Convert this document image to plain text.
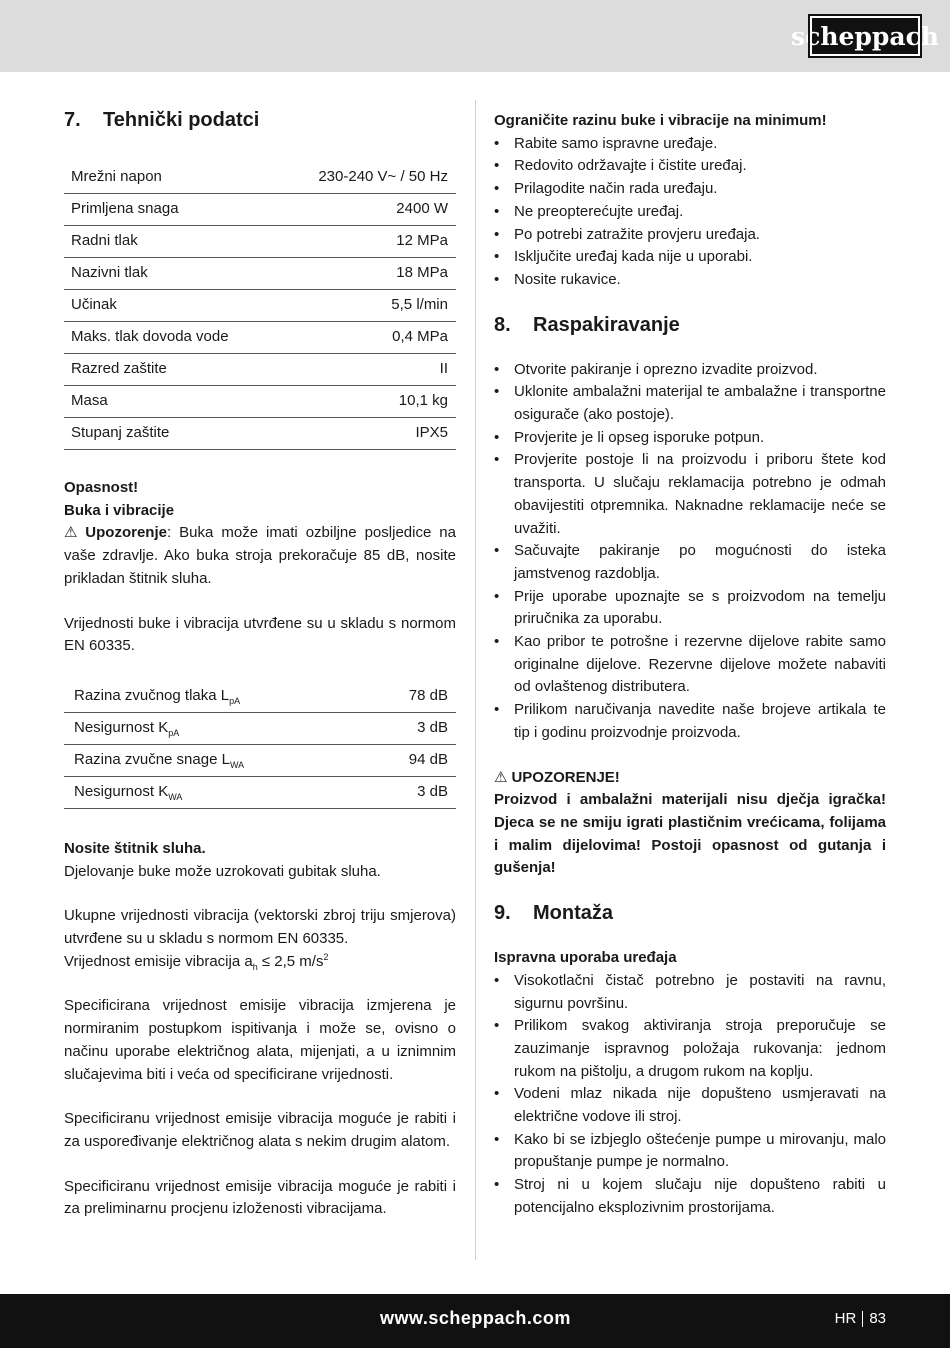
scheppach
7.	Tehnički podatci
Mrežni napon	230-240 V~ / 50 Hz
Primljena snaga	2400 W
Radni tlak	12 MPa
Nazivni tlak	18 MPa
Učinak	5,5 l/min
Maks. tlak dovoda vode	0,4 MPa
Razred zaštite	II
Masa	10,1 kg
Stupanj zaštite	IPX5

Opasnost!

Buka i vibracije

⚠ Upozorenje: Buka može imati ozbiljne posljedice na vaše zdravlje. Ako buka stroja prekoračuje 85 dB, nosite prikladan štitnik sluha.

Vrijednosti buke i vibracija utvrđene su u skladu s normom EN 60335.

Razina zvučnog tlaka $L_{pA}$	78 dB
Nesigurnost $K_{pA}$	3 dB
Razina zvučne snage $L_{WA}$	94 dB
Nesigurnost $K_{WA}$	3 dB

Nosite štitnik sluha.

Djelovanje buke može uzrokovati gubitak sluha.

Ukupne vrijednosti vibracija (vektorski zbroj triju smjerova) utvrđene su u skladu s normom EN 60335.

Vrijednost emisije vibracija $a_h \le 2,5$ $m/s^2$

Specificirana vrijednost emisije vibracija izmjerena je normiranim postupkom ispitivanja i može se, ovisno o načinu uporabe električnog alata, mijenjati, a u iznimnim slučajevima biti i veća od specificirane vrijednosti.

Specificiranu vrijednost emisije vibracija moguće je rabiti i za uspoređivanje električnog alata s nekim drugim alatom.

Specificiranu vrijednost emisije vibracija moguće je rabiti i za preliminarnu procjenu izloženosti vibracijama.

Ograničite razinu buke i vibracije na minimum!

• Rabite samo ispravne uređaje.
• Redovito održavajte i čistite uređaj.
• Prilagodite način rada uređaju.
• Ne preopterećujte uređaj.
• Po potrebi zatražite provjeru uređaja.
• Isključite uređaj kada nije u uporabi.
• Nosite rukavice.
8.	Raspakiravanje
• Otvorite pakiranje i oprezno izvadite proizvod.
• Uklonite ambalažni materijal te ambalažne i transportne osigurače (ako postoje).
• Provjerite je li opseg isporuke potpun.
• Provjerite postoje li na proizvodu i priboru štete kod transporta. U slučaju reklamacija potrebno je odmah obavijestiti otpremnika. Naknadne reklamacije neće se uvažiti.
• Sačuvajte pakiranje po mogućnosti do isteka jamstvenog razdoblja.
• Prije uporabe upoznajte se s proizvodom na temelju priručnika za uporabu.
• Kao pribor te potrošne i rezervne dijelove rabite samo originalne dijelove. Rezervne dijelove možete nabaviti od ovlaštenog distributera.
• Prilikom naručivanja navedite naše brojeve artikala te tip i godinu proizvodnje proizvoda.

⚠ UPOZORENJE!

Proizvod i ambalažni materijali nisu dječja igračka! Djeca se ne smiju igrati plastičnim vrećicama, folijama i malim dijelovima! Postoji opasnost od gutanja i gušenja!

9.	Montaža

Ispravna uporaba uređaja

• Visokotlačni čistač potrebno je postaviti na ravnu, sigurnu površinu.
• Prilikom svakog aktiviranja stroja preporučuje se zauzimanje ispravnog položaja rukovanja: jednom rukom na pištolju, a drugom rukom na koplju.
• Vodeni mlaz nikada nije dopušteno usmjeravati na električne vodove ili stroj.
• Kako bi se izbjeglo oštećenje pumpe u mirovanju, malo propuštanje pumpe je normalno.
• Stroj ni u kojem slučaju nije dopušteno rabiti u potencijalno eksplozivnim prostorijama.
www.scheppach.com	HR 83
